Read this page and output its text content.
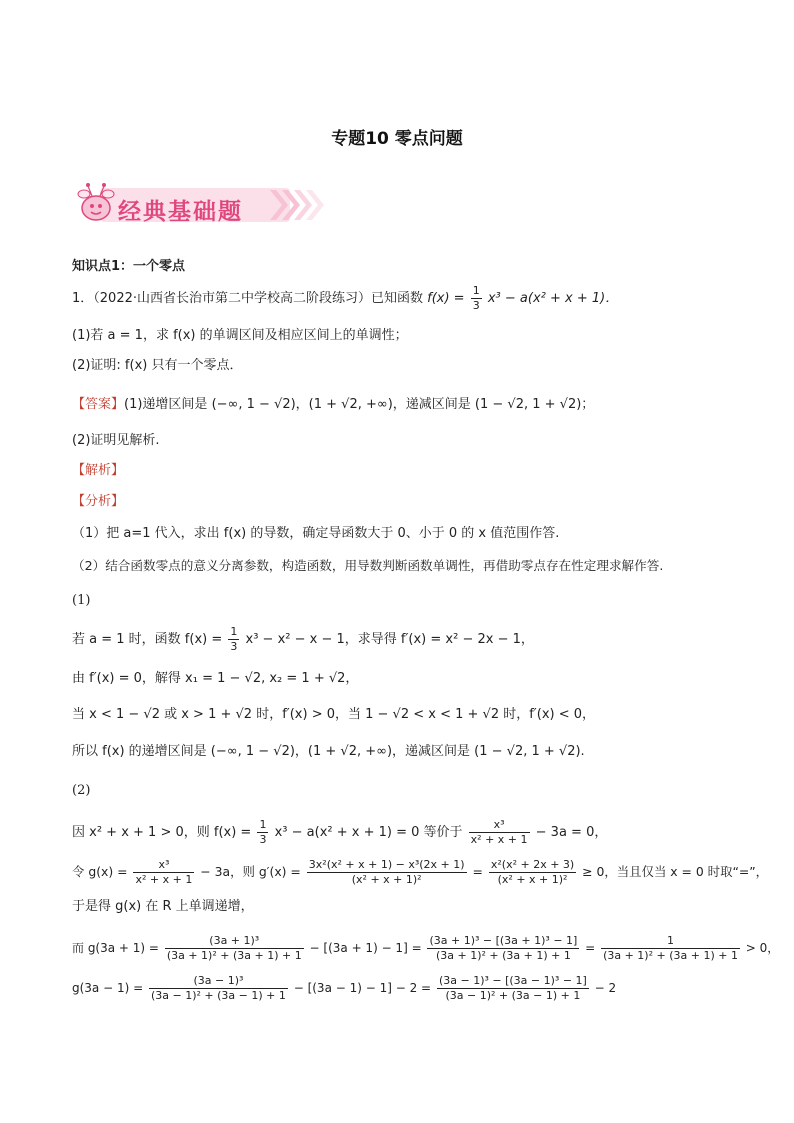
专题10 零点问题
经典基础题
知识点1：一个零点
1．（2022·山西省长治市第二中学校高二阶段练习）已知函数 $f(x) = \frac{1}{3} x^3 - a(x^2 + x + 1)$．
(1)若 a = 1，求 f(x) 的单调区间及相应区间上的单调性；
(2)证明: f(x) 只有一个零点．
【答案】(1)递增区间是 (−∞, 1 − √2)，(1 + √2, +∞)，递减区间是 (1 − √2, 1 + √2)；
(2)证明见解析.
【解析】
【分析】
（1）把 a=1 代入，求出 f(x) 的导数，确定导函数大于 0、小于 0 的 x 值范围作答.
（2）结合函数零点的意义分离参数，构造函数，用导数判断函数单调性，再借助零点存在性定理求解作答.
(1)
若 a = 1 时，函数 $f(x) = \frac{1}{3} x^3 - x^2 - x - 1$，求导得 f′(x) = x² − 2x − 1，
由 f′(x) = 0，解得 x₁ = 1 − √2, x₂ = 1 + √2，
当 x < 1 − √2 或 x > 1 + √2 时，f′(x) > 0，当 1 − √2 < x < 1 + √2 时，f′(x) < 0，
所以 f(x) 的递增区间是 (−∞, 1 − √2)，(1 + √2, +∞)，递减区间是 (1 − √2, 1 + √2).
(2)
因 x² + x + 1 > 0，则 $f(x) = \frac{1}{3} x^3 - a(x^2 + x + 1) = 0$ 等价于 $\frac{\text{x³}}{\text{x² + x + 1}} - 3a = 0$，
令 $g(x) = \frac{\text{x³}}{\text{x² + x + 1}} - 3a$，则 $g'(x) = \frac{\text{3x²(x² + x + 1) − x³(2x + 1)}}{\text{(x² + x + 1)²}} = \frac{\text{x²(x² + 2x + 3)}}{\text{(x² + x + 1)²}} \ge 0$，当且仅当 x = 0 时取“=”，
于是得 g(x) 在 R 上单调递增，
而 $g(3a + 1) = \frac{\text{(3a + 1)³}}{\text{(3a + 1)² + (3a + 1) + 1}} - [(3a + 1) - 1] = \frac{\text{(3a + 1)³ − [(3a + 1)³ − 1]}}{\text{(3a + 1)² + (3a + 1) + 1}} = \frac{1}{\text{(3a + 1)² + (3a + 1) + 1}} > 0$，
$g(3a - 1) = \frac{\text{(3a − 1)³}}{\text{(3a − 1)² + (3a − 1) + 1}} - [(3a - 1) - 1] - 2 = \frac{\text{(3a − 1)³ − [(3a − 1)³ − 1]}}{\text{(3a − 1)² + (3a − 1) + 1}} - 2$
